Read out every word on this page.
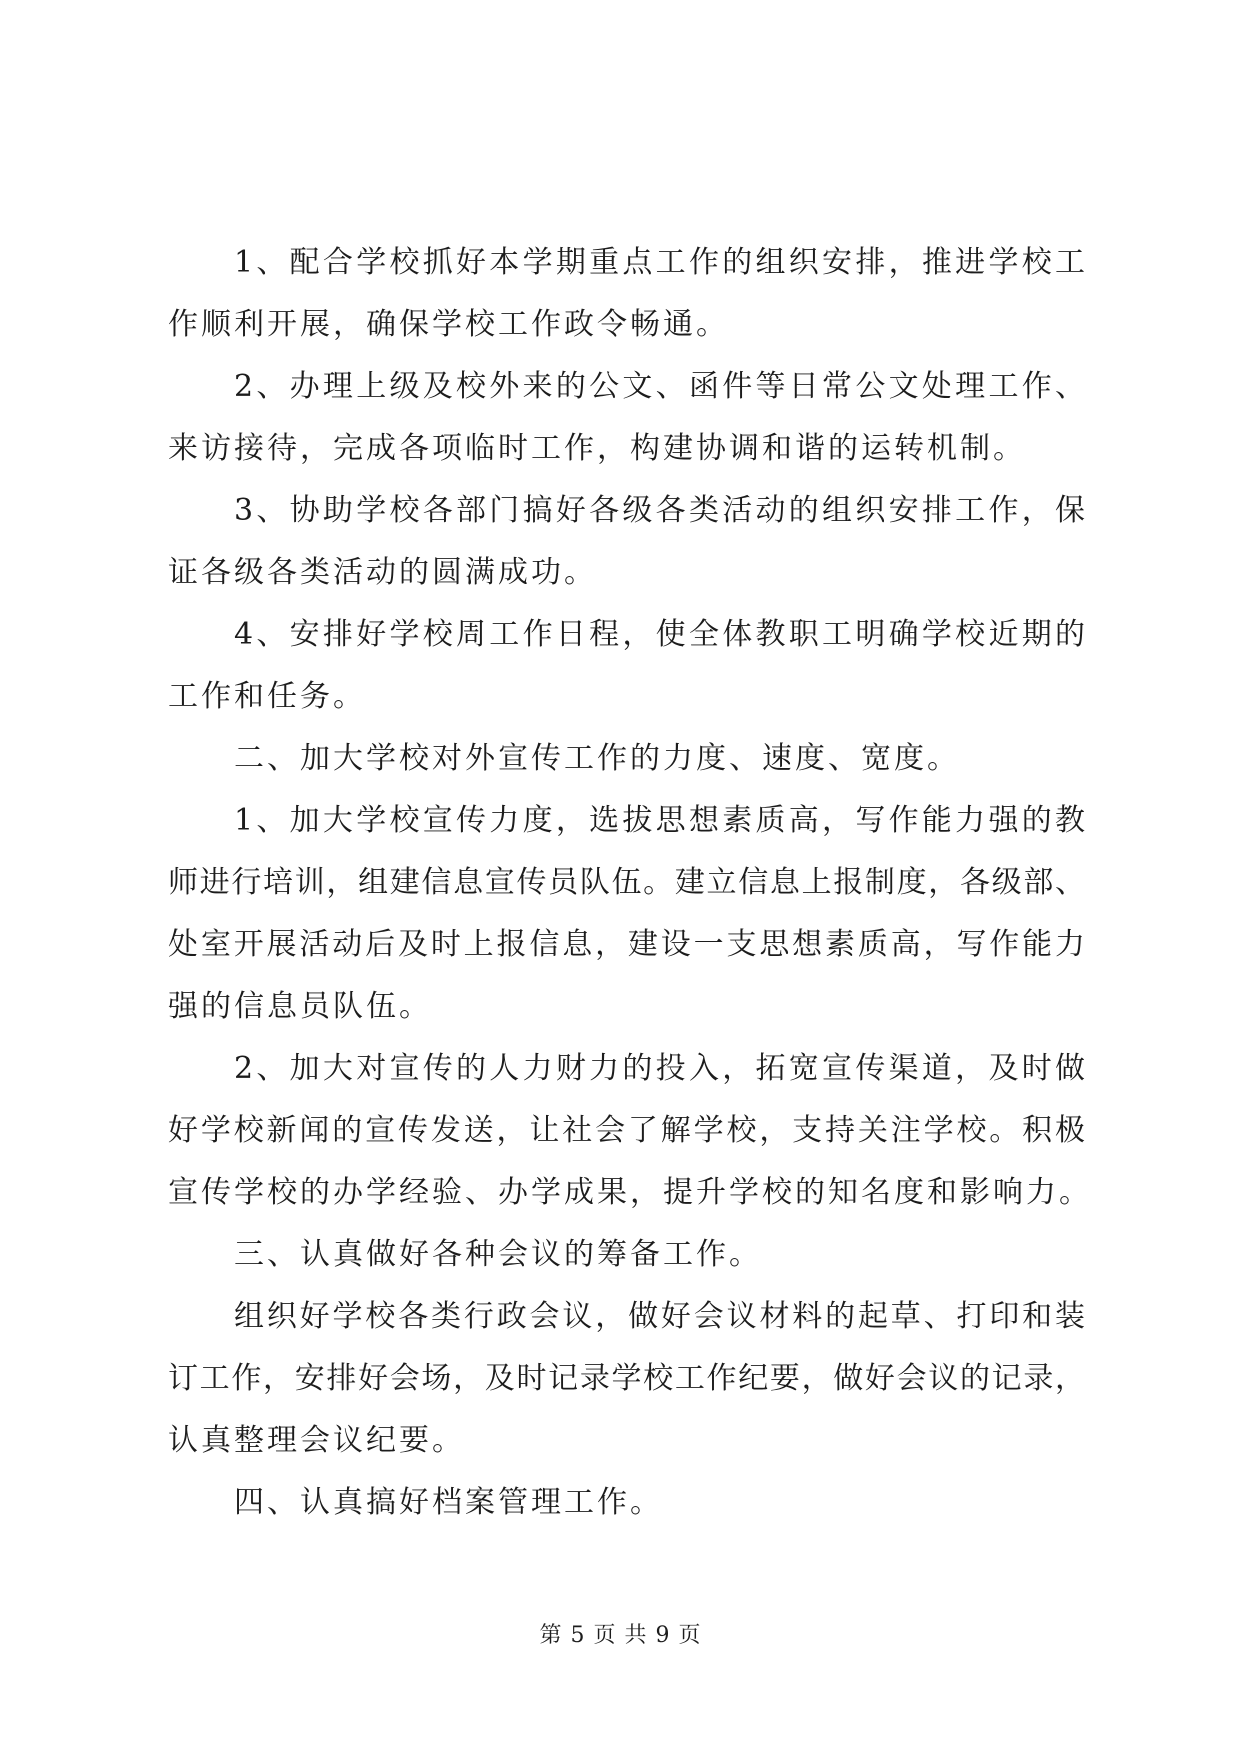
1、配合学校抓好本学期重点工作的组织安排，推进学校工
作顺利开展，确保学校工作政令畅通。
2、办理上级及校外来的公文、函件等日常公文处理工作、
来访接待，完成各项临时工作，构建协调和谐的运转机制。
3、协助学校各部门搞好各级各类活动的组织安排工作，保
证各级各类活动的圆满成功。
4、安排好学校周工作日程，使全体教职工明确学校近期的
工作和任务。
二、加大学校对外宣传工作的力度、速度、宽度。
1、加大学校宣传力度，选拔思想素质高，写作能力强的教
师进行培训，组建信息宣传员队伍。建立信息上报制度，各级部、
处室开展活动后及时上报信息，建设一支思想素质高，写作能力
强的信息员队伍。
2、加大对宣传的人力财力的投入，拓宽宣传渠道，及时做
好学校新闻的宣传发送，让社会了解学校，支持关注学校。积极
宣传学校的办学经验、办学成果，提升学校的知名度和影响力。
三、认真做好各种会议的筹备工作。
组织好学校各类行政会议，做好会议材料的起草、打印和装
订工作，安排好会场，及时记录学校工作纪要，做好会议的记录，
认真整理会议纪要。
四、认真搞好档案管理工作。
第 5 页 共 9 页
